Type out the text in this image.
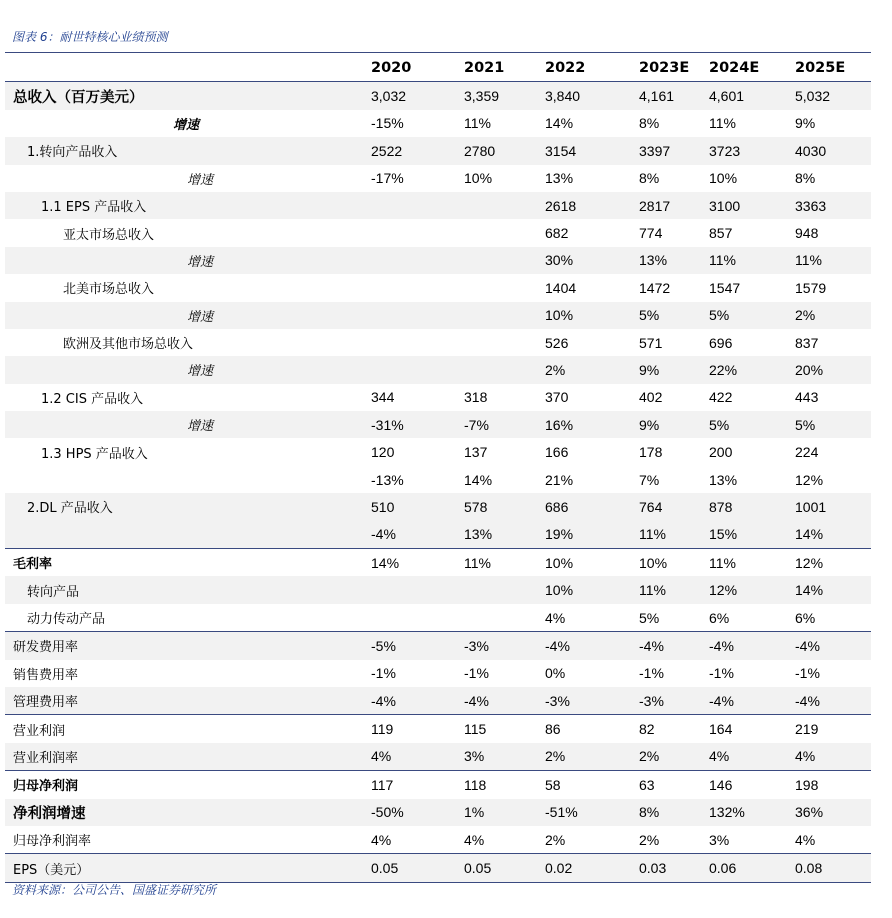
图表 6：耐世特核心业绩预测
	2020	2021	2022	2023E	2024E	2025E
总收入（百万美元）	3,032	3,359	3,840	4,161	4,601	5,032
增速	-15%	11%	14%	8%	11%	9%
1.转向产品收入	2522	2780	3154	3397	3723	4030
增速	-17%	10%	13%	8%	10%	8%
1.1 EPS 产品收入			2618	2817	3100	3363
亚太市场总收入			682	774	857	948
增速			30%	13%	11%	11%
北美市场总收入			1404	1472	1547	1579
增速			10%	5%	5%	2%
欧洲及其他市场总收入			526	571	696	837
增速			2%	9%	22%	20%
1.2 CIS 产品收入	344	318	370	402	422	443
增速	-31%	-7%	16%	9%	5%	5%
1.3 HPS 产品收入	120	137	166	178	200	224
	-13%	14%	21%	7%	13%	12%
2.DL 产品收入	510	578	686	764	878	1001
	-4%	13%	19%	11%	15%	14%
毛利率	14%	11%	10%	10%	11%	12%
转向产品			10%	11%	12%	14%
动力传动产品			4%	5%	6%	6%
研发费用率	-5%	-3%	-4%	-4%	-4%	-4%
销售费用率	-1%	-1%	0%	-1%	-1%	-1%
管理费用率	-4%	-4%	-3%	-3%	-4%	-4%
营业利润	119	115	86	82	164	219
营业利润率	4%	3%	2%	2%	4%	4%
归母净利润	117	118	58	63	146	198
净利润增速	-50%	1%	-51%	8%	132%	36%
归母净利润率	4%	4%	2%	2%	3%	4%
EPS（美元）	0.05	0.05	0.02	0.03	0.06	0.08
资料来源：公司公告、国盛证券研究所
